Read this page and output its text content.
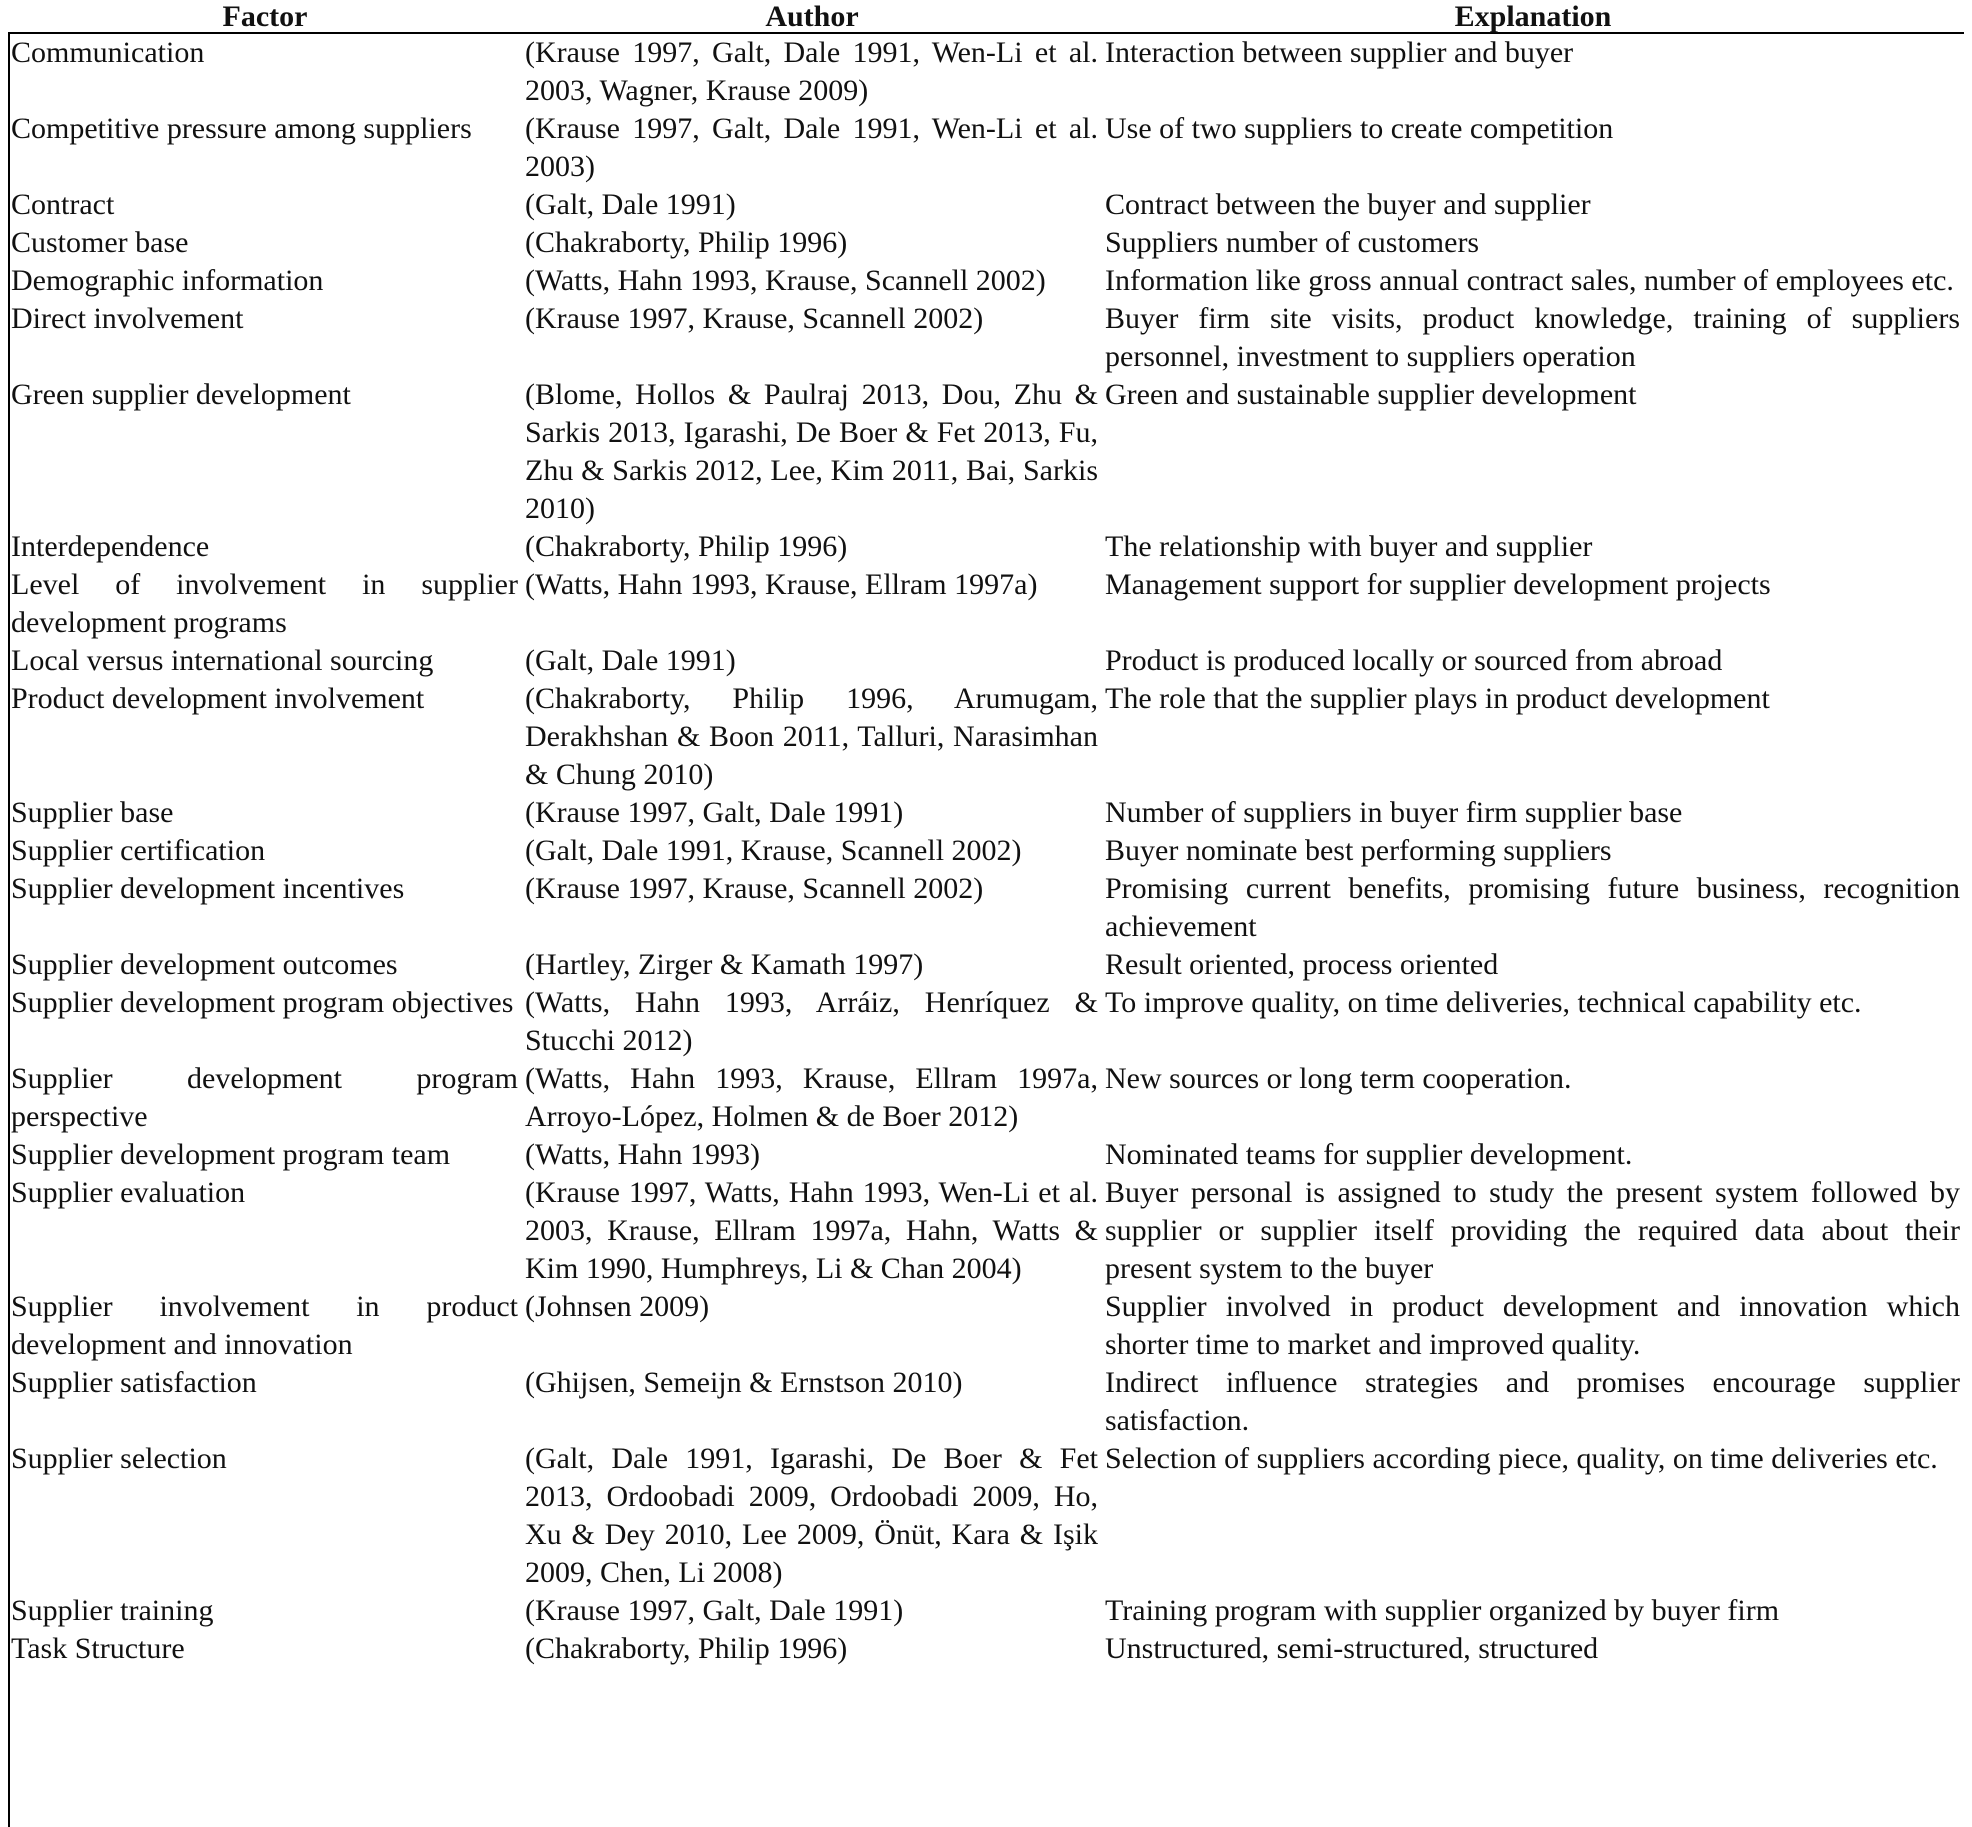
Factor	Author	Explanation
Communication	(Krause 1997, Galt, Dale 1991, Wen-Li et al. 2003, Wagner, Krause 2009)	Interaction between supplier and buyer
Competitive pressure among suppliers	(Krause 1997, Galt, Dale 1991, Wen-Li et al. 2003)	Use of two suppliers to create competition
Contract	(Galt, Dale 1991)	Contract between the buyer and supplier
Customer base	(Chakraborty, Philip 1996)	Suppliers number of customers
Demographic information	(Watts, Hahn 1993, Krause, Scannell 2002)	Information like gross annual contract sales, number of employees etc.
Direct involvement	(Krause 1997, Krause, Scannell 2002)	Buyer firm site visits, product knowledge, training of suppliers personnel, investment to suppliers operation
Green supplier development	(Blome, Hollos & Paulraj 2013, Dou, Zhu & Sarkis 2013, Igarashi, De Boer & Fet 2013, Fu, Zhu & Sarkis 2012, Lee, Kim 2011, Bai, Sarkis 2010)	Green and sustainable supplier development
Interdependence	(Chakraborty, Philip 1996)	The relationship with buyer and supplier
Level of involvement in supplier development programs	(Watts, Hahn 1993, Krause, Ellram 1997a)	Management support for supplier development projects
Local versus international sourcing	(Galt, Dale 1991)	Product is produced locally or sourced from abroad
Product development involvement	(Chakraborty, Philip 1996, Arumugam, Derakhshan & Boon 2011, Talluri, Narasimhan & Chung 2010)	The role that the supplier plays in product development
Supplier base	(Krause 1997, Galt, Dale 1991)	Number of suppliers in buyer firm supplier base
Supplier certification	(Galt, Dale 1991, Krause, Scannell 2002)	Buyer nominate best performing suppliers
Supplier development incentives	(Krause 1997, Krause, Scannell 2002)	Promising current benefits, promising future business, recognition achievement
Supplier development outcomes	(Hartley, Zirger & Kamath 1997)	Result oriented, process oriented
Supplier development program objectives	(Watts, Hahn 1993, Arráiz, Henríquez & Stucchi 2012)	To improve quality, on time deliveries, technical capability etc.
Supplier development program perspective	(Watts, Hahn 1993, Krause, Ellram 1997a, Arroyo-López, Holmen & de Boer 2012)	New sources or long term cooperation.
Supplier development program team	(Watts, Hahn 1993)	Nominated teams for supplier development.
Supplier evaluation	(Krause 1997, Watts, Hahn 1993, Wen-Li et al. 2003, Krause, Ellram 1997a, Hahn, Watts & Kim 1990, Humphreys, Li & Chan 2004)	Buyer personal is assigned to study the present system followed by supplier or supplier itself providing the required data about their present system to the buyer
Supplier involvement in product development and innovation	(Johnsen 2009)	Supplier involved in product development and innovation which shorter time to market and improved quality.
Supplier satisfaction	(Ghijsen, Semeijn & Ernstson 2010)	Indirect influence strategies and promises encourage supplier satisfaction.
Supplier selection	(Galt, Dale 1991, Igarashi, De Boer & Fet 2013, Ordoobadi 2009, Ordoobadi 2009, Ho, Xu & Dey 2010, Lee 2009, Önüt, Kara & Işik 2009, Chen, Li 2008)	Selection of suppliers according piece, quality, on time deliveries etc.
Supplier training	(Krause 1997, Galt, Dale 1991)	Training program with supplier organized by buyer firm
Task Structure	(Chakraborty, Philip 1996)	Unstructured, semi-structured, structured
